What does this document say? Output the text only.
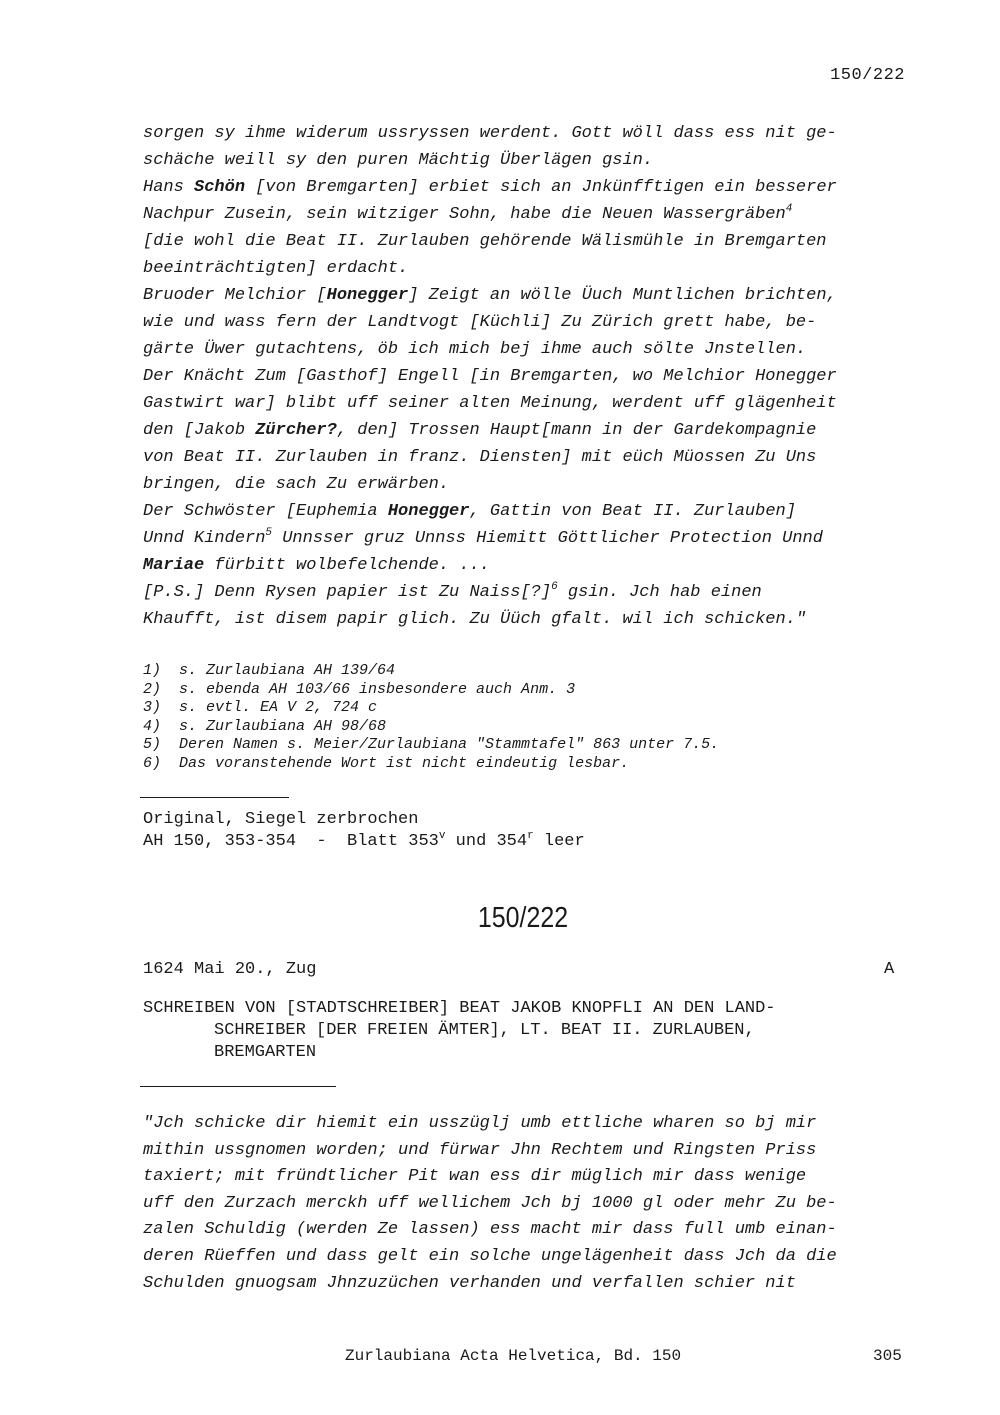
150/222

sorgen sy ihme widerum ussryssen werdent. Gott wöll dass ess nit ge-

schäche weill sy den puren Mächtig Überlägen gsin.

Hans Schön [von Bremgarten] erbiet sich an Jnkünfftigen ein besserer

Nachpur Zusein, sein witziger Sohn, habe die Neuen Wassergräben$^4$

[die wohl die Beat II. Zurlauben gehörende Wälismühle in Bremgarten

beeinträchtigten] erdacht.

Bruoder Melchior [Honegger] Zeigt an wölle Üuch Muntlichen brichten,

wie und wass fern der Landtvogt [Küchli] Zu Zürich grett habe, be-

gärte Üwer gutachtens, öb ich mich bej ihme auch sölte Jnstellen.

Der Knächt Zum [Gasthof] Engell [in Bremgarten, wo Melchior Honegger

Gastwirt war] blibt uff seiner alten Meinung, werdent uff glägenheit

den [Jakob Zürcher?, den] Trossen Haupt[mann in der Gardekompagnie

von Beat II. Zurlauben in franz. Diensten] mit eüch Müossen Zu Uns

bringen, die sach Zu erwärben.

Der Schwöster [Euphemia Honegger, Gattin von Beat II. Zurlauben]

Unnd Kindern$^5$ Unnsser gruz Unnss Hiemitt Göttlicher Protection Unnd

Mariae fürbitt wolbefelchende. ...

[P.S.] Denn Rysen papier ist Zu Naiss[?]$^6$ gsin. Jch hab einen

Khaufft, ist disem papir glich. Zu Üüch gfalt. wil ich schicken."

1)  s. Zurlaubiana AH 139/64

2)  s. ebenda AH 103/66 insbesondere auch Anm. 3

3)  s. evtl. EA V 2, 724 c

4)  s. Zurlaubiana AH 98/68

5)  Deren Namen s. Meier/Zurlaubiana "Stammtafel" 863 unter 7.5.

6)  Das voranstehende Wort ist nicht eindeutig lesbar.

Original, Siegel zerbrochen
AH 150, 353-354  -  Blatt 353$^v$ und 354$^r$ leer
150/222
1624 Mai 20., Zug	A

SCHREIBEN VON [STADTSCHREIBER] BEAT JAKOB KNOPFLI AN DEN LAND-

SCHREIBER [DER FREIEN ÄMTER], LT. BEAT II. ZURLAUBEN,

BREMGARTEN

"Jch schicke dir hiemit ein usszüglj umb ettliche wharen so bj mir

mithin ussgnomen worden; und fürwar Jhn Rechtem und Ringsten Priss

taxiert; mit fründtlicher Pit wan ess dir müglich mir dass wenige

uff den Zurzach merckh uff wellichem Jch bj 1000 gl oder mehr Zu be-

zalen Schuldig (werden Ze lassen) ess macht mir dass full umb einan-

deren Rüeffen und dass gelt ein solche ungelägenheit dass Jch da die

Schulden gnuogsam Jhnzuzüchen verhanden und verfallen schier nit

Zurlaubiana Acta Helvetica, Bd. 150	305
